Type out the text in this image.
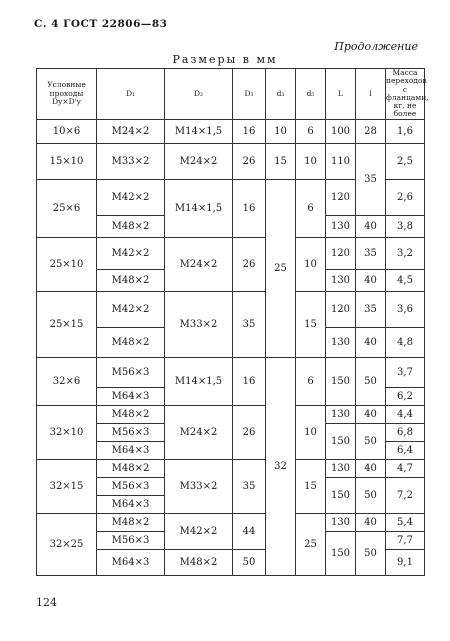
С. 4 ГОСТ 22806—83
Продолжение
Размеры в мм
Условные проходы Dy×D'y	D₁	D₂	D₃	d₃	d₅	L	l	Масса переходов с фланцами, кг, не более
10×6	M24×2	M14×1,5	16	10	6	100	28	1,6
15×10	M33×2	M24×2	26	15	10	110	35	2,5
25×6	M42×2	M14×1,5	16	25	6	120		2,6
	M48×2					130	40	3,8
25×10	M42×2	M24×2	26		10	120	35	3,2
	M48×2					130	40	4,5
25×15	M42×2	M33×2	35		15	120	35	3,6
	M48×2					130	40	4,8
32×6	M56×3	M14×1,5	16	32	6	150	50	3,7
	M64×3							6,2
32×10	M48×2	M24×2	26		10	130	40	4,4
	M56×3					150	50	6,8
	M64×3							6,4
32×15	M48×2	M33×2	35		15	130	40	4,7
	M56×3					150	50	7,2
	M64×3							
32×25	M48×2	M42×2	44		25	130	40	5,4
	M56×3					150	50	7,7
	M64×3	M48×2	50					9,1
124
